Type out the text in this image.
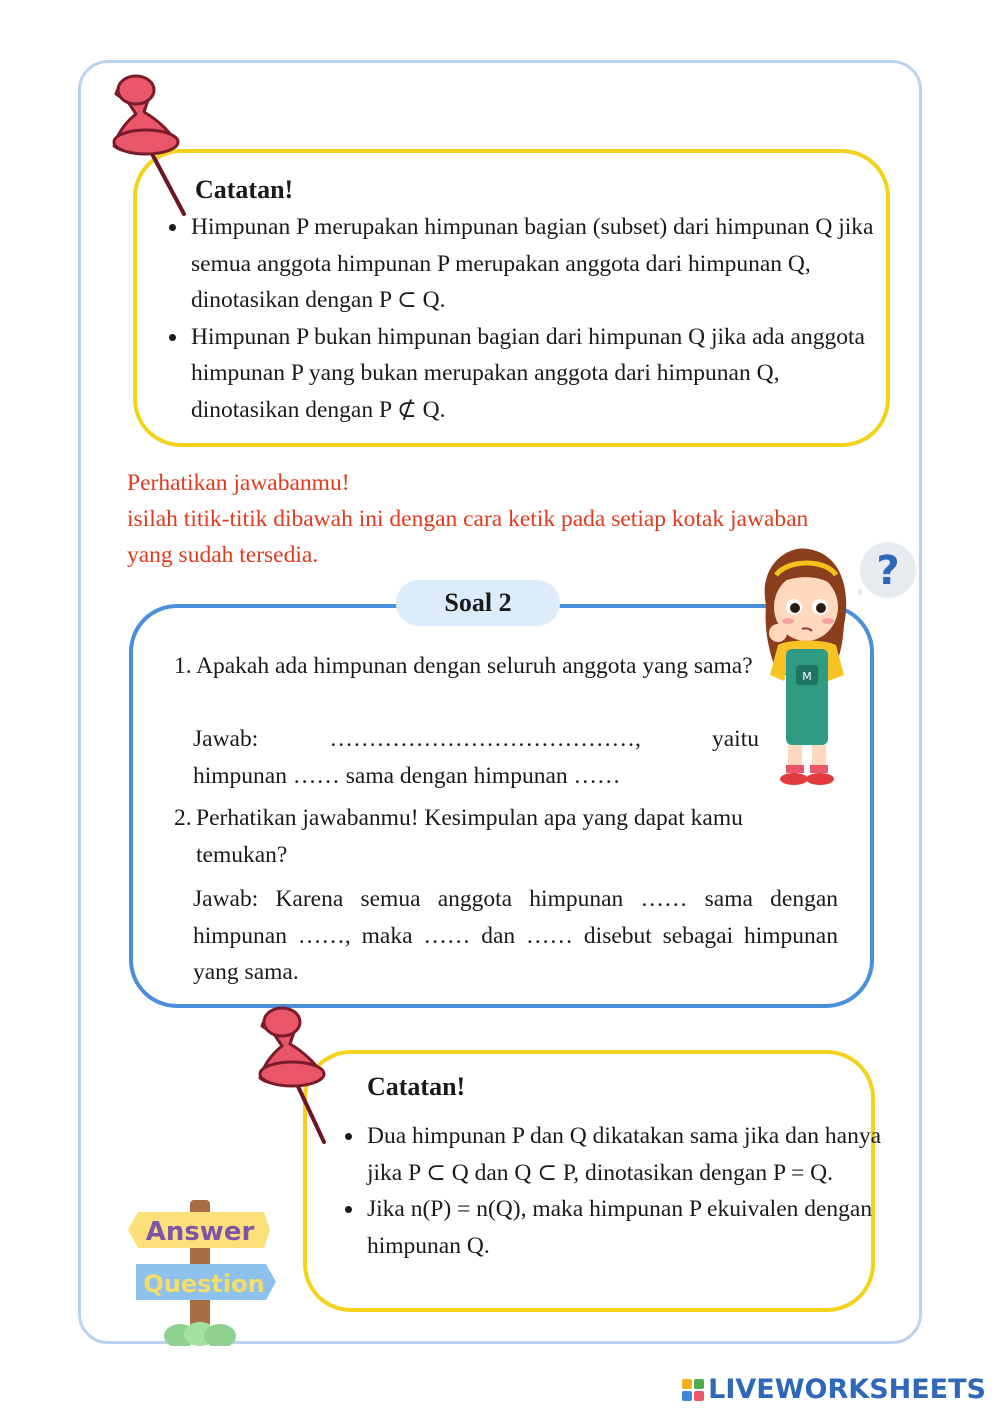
Catatan!
• Himpunan P merupakan himpunan bagian (subset) dari himpunan Q jika semua anggota himpunan P merupakan anggota dari himpunan Q, dinotasikan dengan P ⊂ Q.
• Himpunan P bukan himpunan bagian dari himpunan Q jika ada anggota himpunan P yang bukan merupakan anggota dari himpunan Q, dinotasikan dengan P ⊄ Q.
Perhatikan jawabanmu!
isilah titik-titik dibawah ini dengan cara ketik pada setiap kotak jawaban yang sudah tersedia.
Soal 2
1. Apakah ada himpunan dengan seluruh anggota yang sama?
Jawab:	…………………………………,	yaitu
himpunan …… sama dengan himpunan ……
2. Perhatikan jawabanmu! Kesimpulan apa yang dapat kamu temukan?
Jawab: Karena semua anggota himpunan …… sama dengan himpunan ……, maka …… dan …… disebut sebagai himpunan yang sama.
?
M
Catatan!
• Dua himpunan P dan Q dikatakan sama jika dan hanya jika P ⊂ Q dan Q ⊂ P, dinotasikan dengan P = Q.
• Jika n(P) = n(Q), maka himpunan P ekuivalen dengan himpunan Q.
Answer
Question
LIVEWORKSHEETS
